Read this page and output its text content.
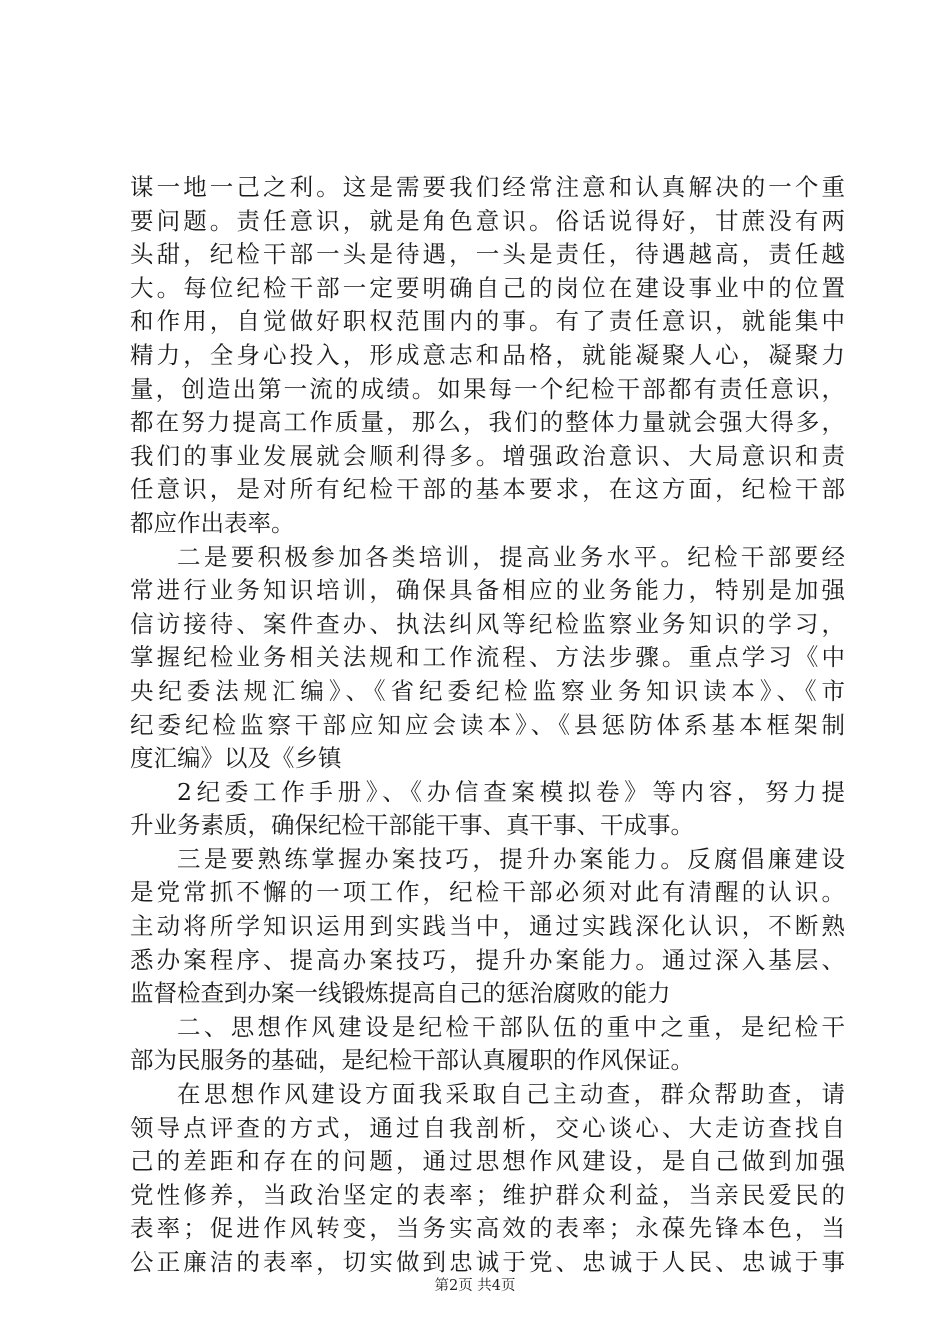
谋一地一己之利。这是需要我们经常注意和认真解决的一个重
要问题。责任意识，就是角色意识。俗话说得好，甘蔗没有两
头甜，纪检干部一头是待遇，一头是责任，待遇越高，责任越
大。每位纪检干部一定要明确自己的岗位在建设事业中的位置
和作用，自觉做好职权范围内的事。有了责任意识，就能集中
精力，全身心投入，形成意志和品格，就能凝聚人心，凝聚力
量，创造出第一流的成绩。如果每一个纪检干部都有责任意识，
都在努力提高工作质量，那么，我们的整体力量就会强大得多，
我们的事业发展就会顺利得多。增强政治意识、大局意识和责
任意识，是对所有纪检干部的基本要求，在这方面，纪检干部
都应作出表率。
二是要积极参加各类培训，提高业务水平。纪检干部要经
常进行业务知识培训，确保具备相应的业务能力，特别是加强
信访接待、案件查办、执法纠风等纪检监察业务知识的学习，
掌握纪检业务相关法规和工作流程、方法步骤。重点学习《中
央纪委法规汇编》、《省纪委纪检监察业务知识读本》、《市
纪委纪检监察干部应知应会读本》、《县惩防体系基本框架制
度汇编》以及《乡镇
2纪委工作手册》、《办信查案模拟卷》等内容，努力提
升业务素质，确保纪检干部能干事、真干事、干成事。
三是要熟练掌握办案技巧，提升办案能力。反腐倡廉建设
是党常抓不懈的一项工作，纪检干部必须对此有清醒的认识。
主动将所学知识运用到实践当中，通过实践深化认识，不断熟
悉办案程序、提高办案技巧，提升办案能力。通过深入基层、
监督检查到办案一线锻炼提高自己的惩治腐败的能力
二、思想作风建设是纪检干部队伍的重中之重，是纪检干
部为民服务的基础，是纪检干部认真履职的作风保证。
在思想作风建设方面我采取自己主动查，群众帮助查，请
领导点评查的方式，通过自我剖析，交心谈心、大走访查找自
己的差距和存在的问题，通过思想作风建设，是自己做到加强
党性修养，当政治坚定的表率；维护群众利益，当亲民爱民的
表率；促进作风转变，当务实高效的表率；永葆先锋本色，当
公正廉洁的表率，切实做到忠诚于党、忠诚于人民、忠诚于事
第2页 共4页
